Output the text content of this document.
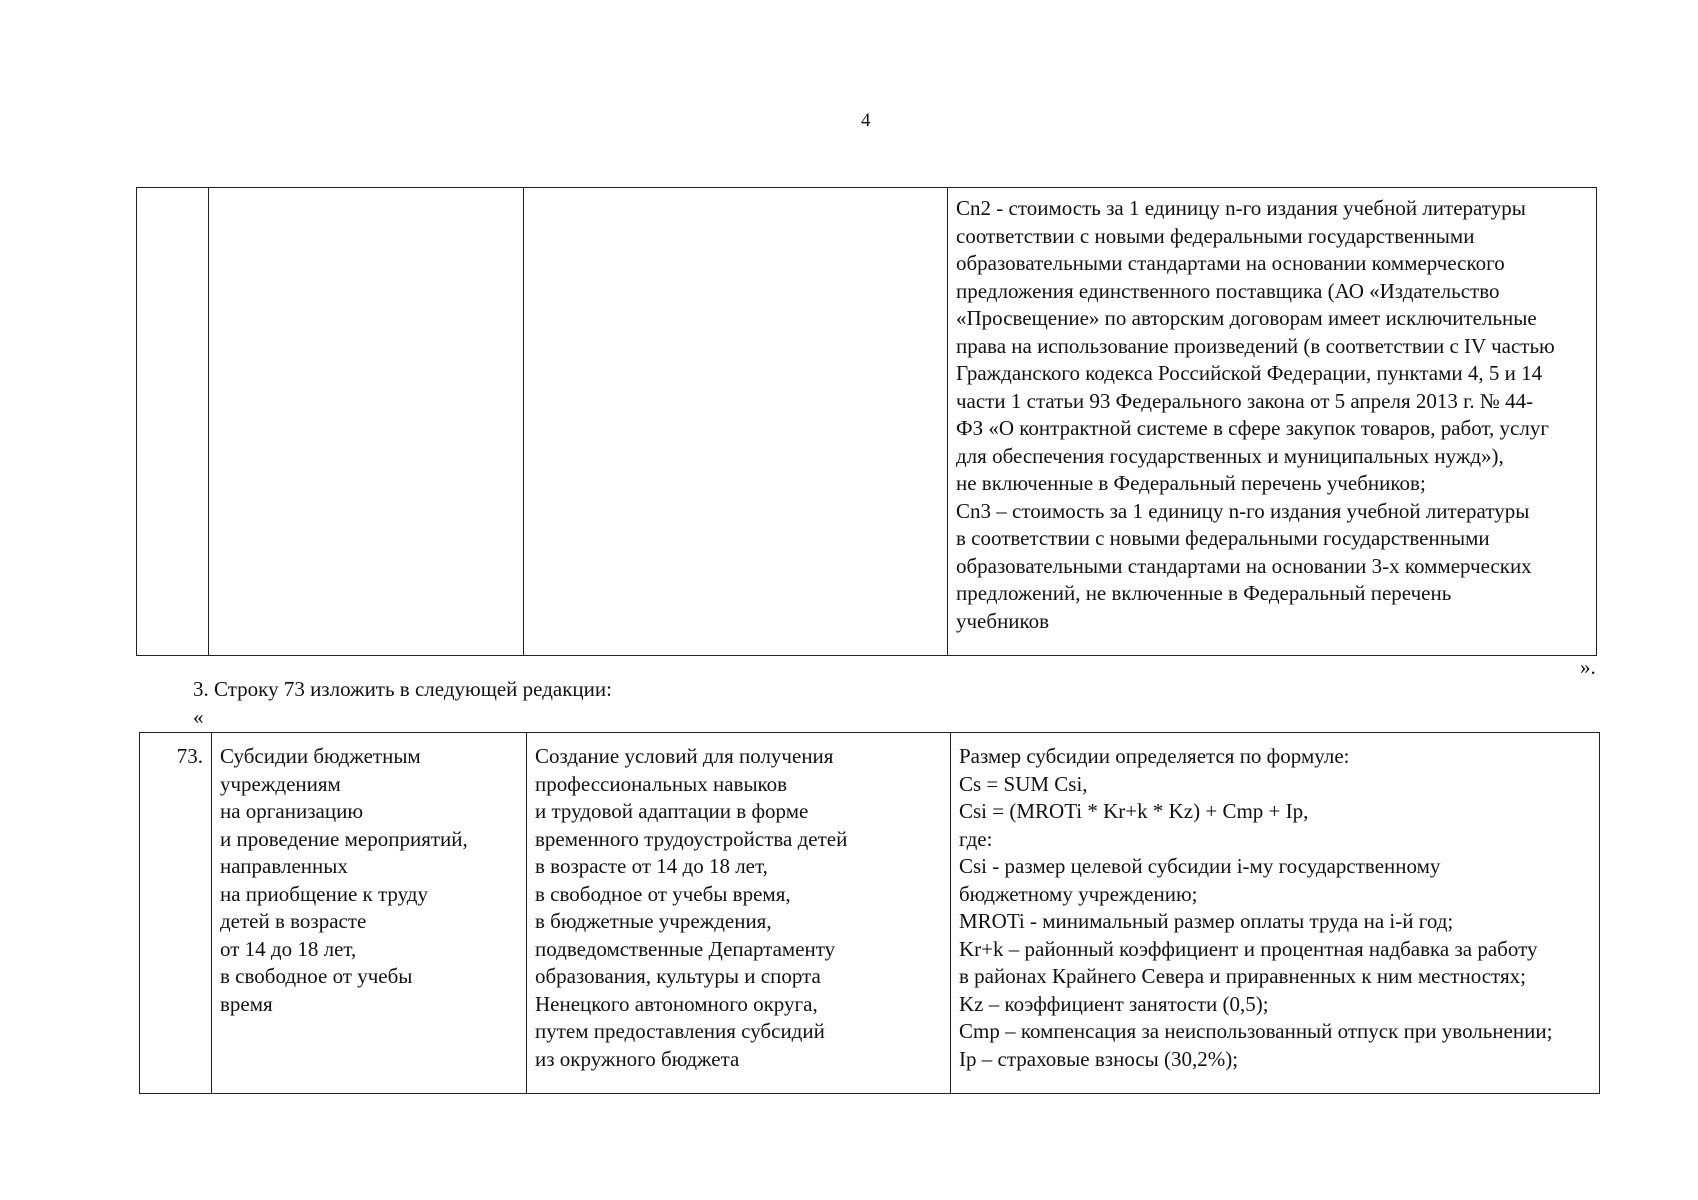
4

Cn2 - стоимость за 1 единицу n-го издания учебной литературы
соответствии с новыми федеральными государственными
образовательными стандартами на основании коммерческого
предложения единственного поставщика (АО «Издательство
«Просвещение» по авторским договорам имеет исключительные
права на использование произведений (в соответствии с IV частью
Гражданского кодекса Российской Федерации, пунктами 4, 5 и 14
части 1 статьи 93 Федерального закона от 5 апреля 2013 г. № 44-
ФЗ «О контрактной системе в сфере закупок товаров, работ, услуг
для обеспечения государственных и муниципальных нужд»),
не включенные в Федеральный перечень учебников;
Cn3 – стоимость за 1 единицу n-го издания учебной литературы
в соответствии с новыми федеральными государственными
образовательными стандартами на основании 3-х коммерческих
предложений, не включенные в Федеральный перечень
учебников
».
3. Строку 73 изложить в следующей редакции:
«
73.	Субсидии бюджетным
учреждениям
на организацию
и проведение мероприятий,
направленных
на приобщение к труду
детей в возрасте
от 14 до 18 лет,
в свободное от учебы
время

Создание условий для получения
профессиональных навыков
и трудовой адаптации в форме
временного трудоустройства детей
в возрасте от 14 до 18 лет,
в свободное от учебы время,
в бюджетные учреждения,
подведомственные Департаменту
образования, культуры и спорта
Ненецкого автономного округа,
путем предоставления субсидий
из окружного бюджета

Размер субсидии определяется по формуле:
Cs = SUM Csi,
Csi = (MROTi * Kr+k * Kz) + Cmp + Ip,
где:
Csi - размер целевой субсидии i-му государственному
бюджетному учреждению;
MROTi - минимальный размер оплаты труда на i-й год;
Kr+k – районный коэффициент и процентная надбавка за работу
в районах Крайнего Севера и приравненных к ним местностях;
Kz – коэффициент занятости (0,5);
Cmp – компенсация за неиспользованный отпуск при увольнении;
Ip – страховые взносы (30,2%);
